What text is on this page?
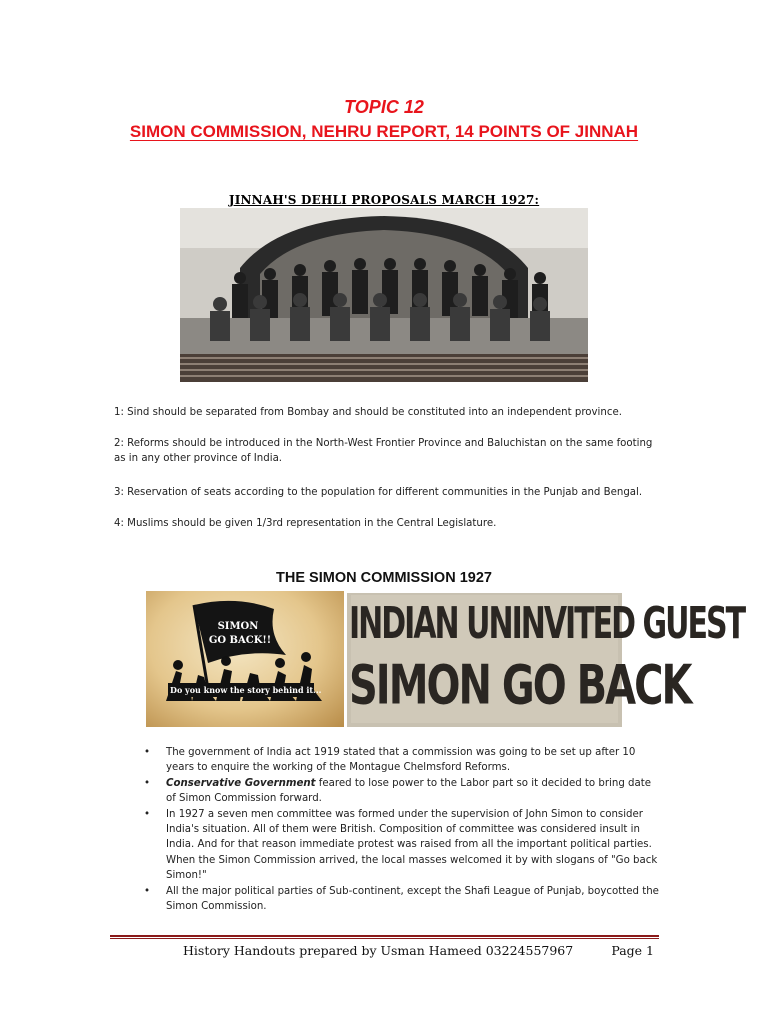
TOPIC 12
SIMON COMMISSION, NEHRU REPORT, 14 POINTS OF JINNAH
JINNAH'S DEHLI PROPOSALS MARCH 1927:

1: Sind should be separated from Bombay and should be constituted into an independent province.

2: Reforms should be introduced in the North-West Frontier Province and Baluchistan on the same footing as in any other province of India.

3: Reservation of seats according to the population for different communities in the Punjab and Bengal.

4: Muslims should be given 1/3rd representation in the Central Legislature.

THE SIMON COMMISSION 1927
SIMON
GO BACK!!
Do you know the story behind it...
INDIAN UNINVITED GUEST
SIMON GO BACK
• The government of India act 1919 stated that a commission was going to be set up after 10 years to enquire the working of the Montague Chelmsford Reforms.
• Conservative Government feared to lose power to the Labor part so it decided to bring date of Simon Commission forward.
• In 1927 a seven men committee was formed under the supervision of John Simon to consider India's situation. All of them were British. Composition of committee was considered insult in India. And for that reason immediate protest was raised from all the important political parties. When the Simon Commission arrived, the local masses welcomed it by with slogans of "Go back Simon!"
• All the major political parties of Sub-continent, except the Shafi League of Punjab, boycotted the Simon Commission.
History Handouts prepared by Usman Hameed 03224557967	Page 1
